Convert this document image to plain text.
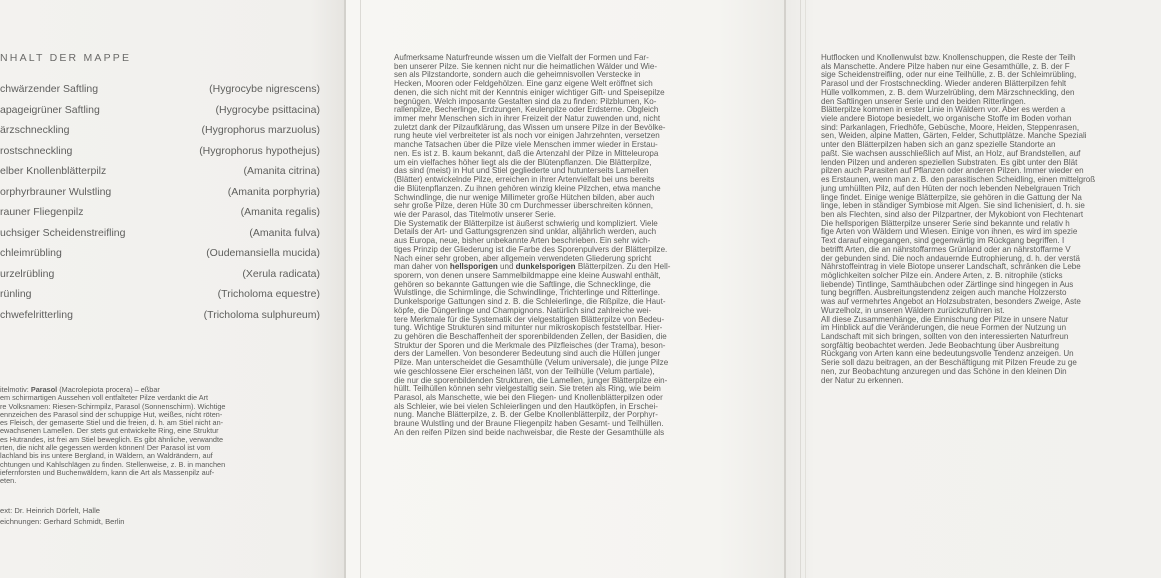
NHALT DER MAPPE
chwärzender Saftling	(Hygrocybe nigrescens)
apageigrüner Saftling	(Hygrocybe psittacina)
ärzschneckling	(Hygrophorus marzuolus)
rostschneckling	(Hygrophorus hypothejus)
elber Knollenblätterpilz	(Amanita citrina)
orphyrbrauner Wulstling	(Amanita porphyria)
rauner Fliegenpilz	(Amanita regalis)
uchsiger Scheidenstreifling	(Amanita fulva)
chleimrübling	(Oudemansiella mucida)
urzelrübling	(Xerula radicata)
rünling	(Tricholoma equestre)
chwefelritterling	(Tricholoma sulphureum)

itelmotiv: Parasol (Macrolepiota procera) – eßbar

em schirmartigen Aussehen voll entfalteter Pilze verdankt die Art

re Volksnamen: Riesen-Schirmpilz, Parasol (Sonnenschirm). Wichtige

ennzeichen des Parasol sind der schuppige Hut, weißes, nicht röten-

es Fleisch, der gemaserte Stiel und die freien, d. h. am Stiel nicht an-

ewachsenen Lamellen. Der stets gut entwickelte Ring, eine Struktur

es Hutrandes, ist frei am Stiel beweglich. Es gibt ähnliche, verwandte

rten, die nicht alle gegessen werden können! Der Parasol ist vom

lachland bis ins untere Bergland, in Wäldern, an Waldrändern, auf

chtungen und Kahlschlägen zu finden. Stellenweise, z. B. in manchen

iefernforsten und Buchenwäldern, kann die Art als Massenpilz auf-

eten.

ext: Dr. Heinrich Dörfelt, Halle
eichnungen: Gerhard Schmidt, Berlin

Aufmerksame Naturfreunde wissen um die Vielfalt der Formen und Far-

ben unserer Pilze. Sie kennen nicht nur die heimatlichen Wälder und Wie-

sen als Pilzstandorte, sondern auch die geheimnisvollen Verstecke in

Hecken, Mooren oder Feldgehölzen. Eine ganz eigene Welt eröffnet sich

denen, die sich nicht mit der Kenntnis einiger wichtiger Gift- und Speisepilze

begnügen. Welch imposante Gestalten sind da zu finden: Pilzblumen, Ko-

rallenpilze, Becherlinge, Erdzungen, Keulenpilze oder Erdsterne. Obgleich

immer mehr Menschen sich in ihrer Freizeit der Natur zuwenden und, nicht

zuletzt dank der Pilzaufklärung, das Wissen um unsere Pilze in der Bevölke-

rung heute viel verbreiteter ist als noch vor einigen Jahrzehnten, versetzen

manche Tatsachen über die Pilze viele Menschen immer wieder in Erstau-

nen. Es ist z. B. kaum bekannt, daß die Artenzahl der Pilze in Mitteleuropa

um ein vielfaches höher liegt als die der Blütenpflanzen. Die Blätterpilze,

das sind (meist) in Hut und Stiel gegliederte und hutunterseits Lamellen

(Blätter) entwickelnde Pilze, erreichen in ihrer Artenvielfalt bei uns bereits

die Blütenpflanzen. Zu ihnen gehören winzig kleine Pilzchen, etwa manche

Schwindlinge, die nur wenige Millimeter große Hütchen bilden, aber auch

sehr große Pilze, deren Hüte 30 cm Durchmesser überschreiten können,

wie der Parasol, das Titelmotiv unserer Serie.

Die Systematik der Blätterpilze ist äußerst schwierig und kompliziert. Viele

Details der Art- und Gattungsgrenzen sind unklar, alljährlich werden, auch

aus Europa, neue, bisher unbekannte Arten beschrieben. Ein sehr wich-

tiges Prinzip der Gliederung ist die Farbe des Sporenpulvers der Blätterpilze.

Nach einer sehr groben, aber allgemein verwendeten Gliederung spricht

man daher von hellsporigen und dunkelsporigen Blätterpilzen. Zu den Hell-

sporern, von denen unsere Sammelbildmappe eine kleine Auswahl enthält,

gehören so bekannte Gattungen wie die Saftlinge, die Schnecklinge, die

Wulstlinge, die Schirmlinge, die Schwindlinge, Trichterlinge und Ritterlinge.

Dunkelsporige Gattungen sind z. B. die Schleierlinge, die Rißpilze, die Haut-

köpfe, die Düngerlinge und Champignons. Natürlich sind zahlreiche wei-

tere Merkmale für die Systematik der vielgestaltigen Blätterpilze von Bedeu-

tung. Wichtige Strukturen sind mitunter nur mikroskopisch feststellbar. Hier-

zu gehören die Beschaffenheit der sporenbildenden Zellen, der Basidien, die

Struktur der Sporen und die Merkmale des Pilzfleisches (der Trama), beson-

ders der Lamellen. Von besonderer Bedeutung sind auch die Hüllen junger

Pilze. Man unterscheidet die Gesamthülle (Velum universale), die junge Pilze

wie geschlossene Eier erscheinen läßt, von der Teilhülle (Velum partiale),

die nur die sporenbildenden Strukturen, die Lamellen, junger Blätterpilze ein-

hüllt. Teilhüllen können sehr vielgestaltig sein. Sie treten als Ring, wie beim

Parasol, als Manschette, wie bei den Fliegen- und Knollenblätterpilzen oder

als Schleier, wie bei vielen Schleierlingen und den Hautköpfen, in Erschei-

nung. Manche Blätterpilze, z. B. der Gelbe Knollenblätterpilz, der Porphyr-

braune Wulstling und der Braune Fliegenpilz haben Gesamt- und Teilhüllen.

An den reifen Pilzen sind beide nachweisbar, die Reste der Gesamthülle als

Hutflocken und Knollenwulst bzw. Knollenschuppen, die Reste der Teilh

als Manschette. Andere Pilze haben nur eine Gesamthülle, z. B. der F

sige Scheidenstreifling, oder nur eine Teilhülle, z. B. der Schleimrübling,

Parasol und der Frostschneckling. Wieder anderen Blätterpilzen fehlt

Hülle vollkommen, z. B. dem Wurzelrübling, dem Märzschneckling, den

den Saftlingen unserer Serie und den beiden Ritterlingen.

Blätterpilze kommen in erster Linie in Wäldern vor. Aber es werden a

viele andere Biotope besiedelt, wo organische Stoffe im Boden vorhan

sind: Parkanlagen, Friedhöfe, Gebüsche, Moore, Heiden, Steppenrasen,

sen, Weiden, alpine Matten, Gärten, Felder, Schuttplätze. Manche Speziali

unter den Blätterpilzen haben sich an ganz spezielle Standorte an

paßt. Sie wachsen ausschließlich auf Mist, an Holz, auf Brandstellen, auf

lenden Pilzen und anderen speziellen Substraten. Es gibt unter den Blät

pilzen auch Parasiten auf Pflanzen oder anderen Pilzen. Immer wieder en

es Erstaunen, wenn man z. B. den parasitischen Scheidling, einen mittelgroß

jung umhüllten Pilz, auf den Hüten der noch lebenden Nebelgrauen Trich

linge findet. Einige wenige Blätterpilze, sie gehören in die Gattung der Na

linge, leben in ständiger Symbiose mit Algen. Sie sind lichenisiert, d. h. sie

ben als Flechten, sind also der Pilzpartner, der Mykobiont von Flechtenart

Die hellsporigen Blätterpilze unserer Serie sind bekannte und relativ h

fige Arten von Wäldern und Wiesen. Einige von ihnen, es wird im spezie

Text darauf eingegangen, sind gegenwärtig im Rückgang begriffen. I

betrifft Arten, die an nährstoffarmes Grünland oder an nährstoffarme V

der gebunden sind. Die noch andauernde Eutrophierung, d. h. der verstä

Nährstoffeintrag in viele Biotope unserer Landschaft, schränken die Lebe

möglichkeiten solcher Pilze ein. Andere Arten, z. B. nitrophile (sticks

liebende) Tintlinge, Samthäubchen oder Zärtlinge sind hingegen in Aus

tung begriffen. Ausbreitungstendenz zeigen auch manche Holzzersto

was auf vermehrtes Angebot an Holzsubstraten, besonders Zweige, Äste

Wurzelholz, in unseren Wäldern zurückzuführen ist.

All diese Zusammenhänge, die Einnischung der Pilze in unsere Natur

im Hinblick auf die Veränderungen, die neue Formen der Nutzung un

Landschaft mit sich bringen, sollten von den interessierten Naturfreun

sorgfältig beobachtet werden. Jede Beobachtung über Ausbreitung

Rückgang von Arten kann eine bedeutungsvolle Tendenz anzeigen. Un

Serie soll dazu beitragen, an der Beschäftigung mit Pilzen Freude zu ge

nen, zur Beobachtung anzuregen und das Schöne in den kleinen Din

der Natur zu erkennen.
